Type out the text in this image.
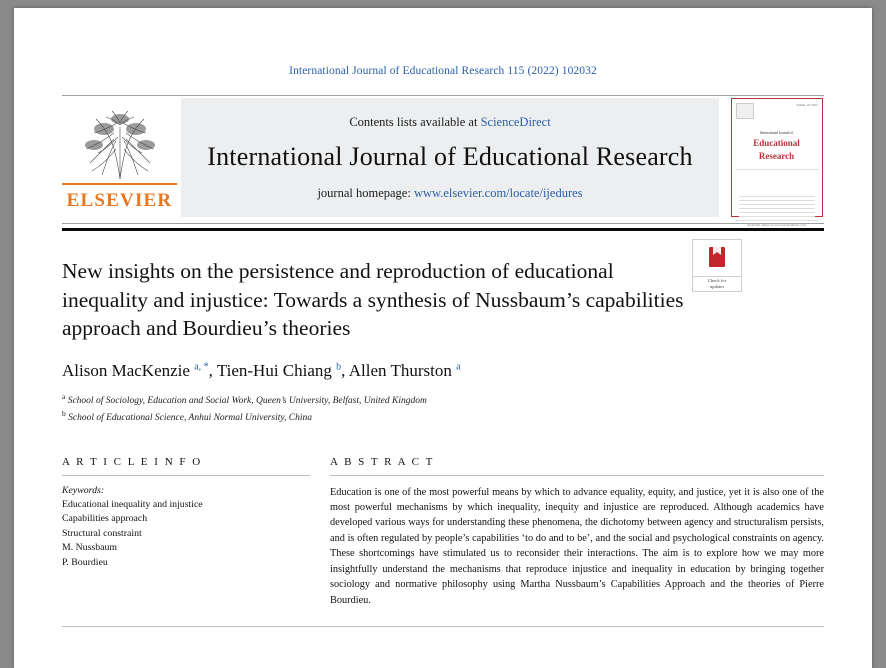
International Journal of Educational Research 115 (2022) 102032
ELSEVIER
Contents lists available at ScienceDirect
International Journal of Educational Research
journal homepage: www.elsevier.com/locate/ijedures
Volume 115 2022
International Journal of
Educational
Research
Available online at www.sciencedirect.com
Check for
updates
New insights on the persistence and reproduction of educational inequality and injustice: Towards a synthesis of Nussbaum’s capabilities approach and Bourdieu’s theories
Alison MacKenzie $^{a, *}$, Tien-Hui Chiang $^b$, Allen Thurston $^a$
$^a$ School of Sociology, Education and Social Work, Queen’s University, Belfast, United Kingdom
$^b$ School of Educational Science, Anhui Normal University, China
A R T I C L E I N F O
Keywords:
Educational inequality and injustice
Capabilities approach
Structural constraint
M. Nussbaum
P. Bourdieu
A B S T R A C T
Education is one of the most powerful means by which to advance equality, equity, and justice, yet it is also one of the most powerful mechanisms by which inequality, inequity and injustice are reproduced. Although academics have developed various ways for understanding these phenomena, the dichotomy between agency and structuralism persists, and is often regulated by people’s capabilities ‘to do and to be’, and the social and psychological constraints on agency. These shortcomings have stimulated us to reconsider their interactions. The aim is to explore how we may more insightfully understand the mechanisms that reproduce injustice and inequality in education by bringing together sociology and normative philosophy using Martha Nussbaum’s Capabilities Approach and the theories of Pierre Bourdieu.
